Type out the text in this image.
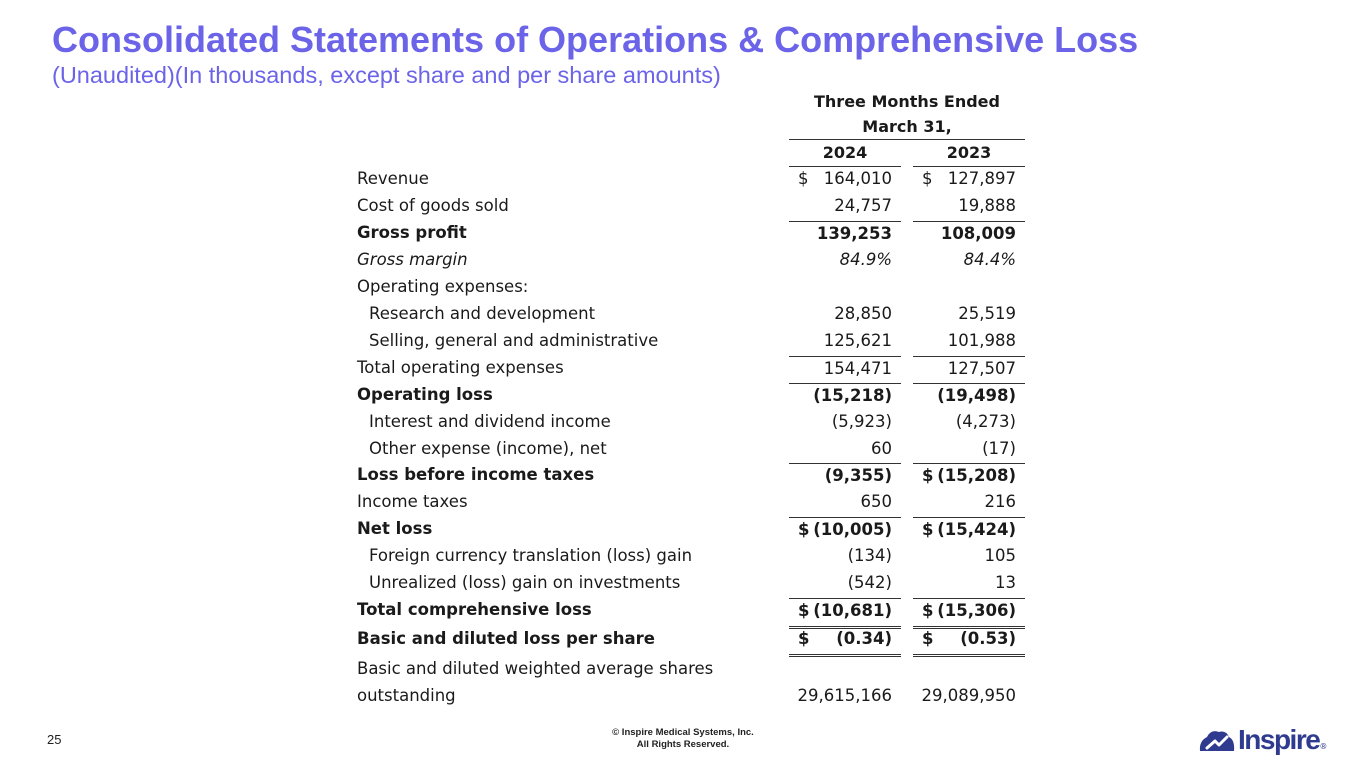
Consolidated Statements of Operations & Comprehensive Loss
(Unaudited)(In thousands, except share and per share amounts)
Three Months Ended
March 31,
2024	2023
Revenue	$ 164,010 $ 127,897
Cost of goods sold	24,757	19,888
Gross profit	139,253	108,009
Gross margin	84.9%	84.4%
Operating expenses:
Research and development	28,850	25,519
Selling, general and administrative	125,621	101,988
Total operating expenses	154,471	127,507
Operating loss	(15,218)	(19,498)
Interest and dividend income	(5,923)	(4,273)
Other expense (income), net	60	(17)
Loss before income taxes	(9,355) $ (15,208)
Income taxes	650	216
Net loss	$ (10,005) $ (15,424)
Foreign currency translation (loss) gain	(134)	105
Unrealized (loss) gain on investments	(542)	13
Total comprehensive loss	$ (10,681) $ (15,306)
Basic and diluted loss per share	$ (0.34) $ (0.53)
Basic and diluted weighted average shares
outstanding	29,615,166 29,089,950
25	© Inspire Medical Systems, Inc.
All Rights Reserved.	Inspire ®
